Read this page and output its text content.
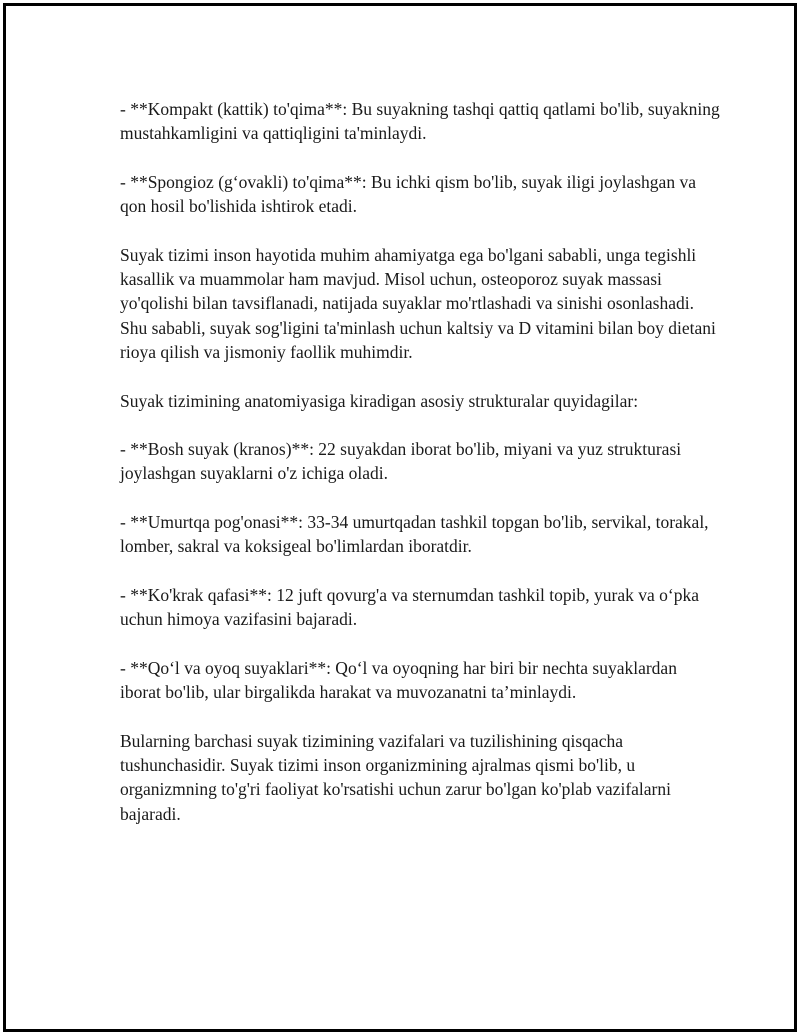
- **Kompakt (kattik) to'qima**: Bu suyakning tashqi qattiq qatlami bo'lib, suyakning mustahkamligini va qattiqligini ta'minlaydi.

- **Spongioz (g‘ovakli) to'qima**: Bu ichki qism bo'lib, suyak iligi joylashgan va qon hosil bo'lishida ishtirok etadi.

Suyak tizimi inson hayotida muhim ahamiyatga ega bo'lgani sababli, unga tegishli kasallik va muammolar ham mavjud. Misol uchun, osteoporoz suyak massasi yo'qolishi bilan tavsiflanadi, natijada suyaklar mo'rtlashadi va sinishi osonlashadi. Shu sababli, suyak sog'ligini ta'minlash uchun kaltsiy va D vitamini bilan boy dietani rioya qilish va jismoniy faollik muhimdir.

Suyak tizimining anatomiyasiga kiradigan asosiy strukturalar quyidagilar:

- **Bosh suyak (kranos)**: 22 suyakdan iborat bo'lib, miyani va yuz strukturasi joylashgan suyaklarni o'z ichiga oladi.

- **Umurtqa pog'onasi**: 33-34 umurtqadan tashkil topgan bo'lib, servikal, torakal, lomber, sakral va koksigeal bo'limlardan iboratdir.

- **Ko'krak qafasi**: 12 juft qovurg'a va sternumdan tashkil topib, yurak va o‘pka uchun himoya vazifasini bajaradi.

- **Qo‘l va oyoq suyaklari**: Qo‘l va oyoqning har biri bir nechta suyaklardan iborat bo'lib, ular birgalikda harakat va muvozanatni ta’minlaydi.

Bularning barchasi suyak tizimining vazifalari va tuzilishining qisqacha tushunchasidir. Suyak tizimi inson organizmining ajralmas qismi bo'lib, u organizmning to'g'ri faoliyat ko'rsatishi uchun zarur bo'lgan ko'plab vazifalarni bajaradi.
